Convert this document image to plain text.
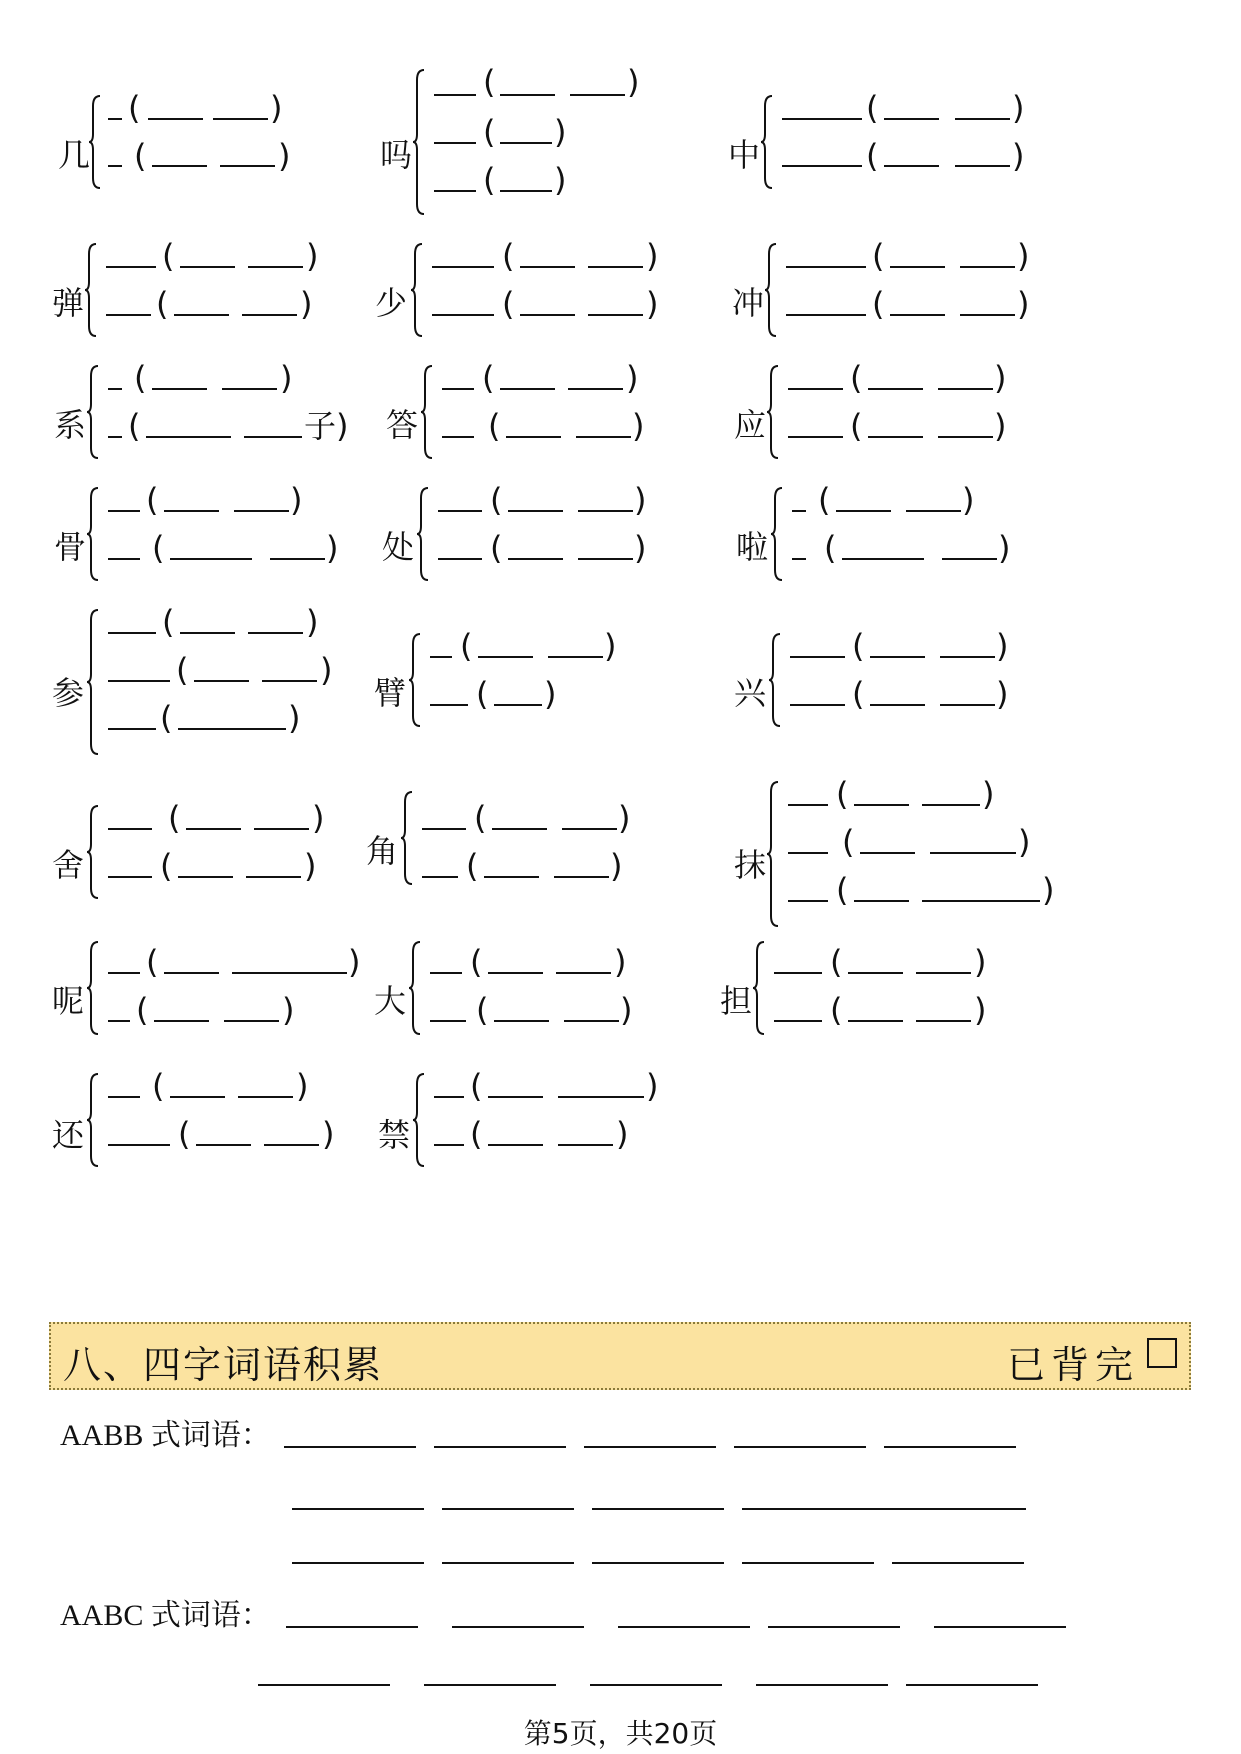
几
(	)
(	)	吗
(	)
( )
( )
中
(	)
(	)
弹
(	)
(	) 少
(	)
(	) 冲
(	)
(	)
系
(	)
(	子) 答
(	)
(	)	应
(	)
(	)
骨
(	)
(	) 处
(	)
(	)	啦
(	)
(	)
参
(	)
(	)
(	)
臂
(	)
( )	兴
(	)
(	)
舍
(	)
(	) 角
(	)
(	)	抹
(	)
(	)
(	)
呢
(	)
(	) 大
(	)
(	)	担
(	)
(	)
还
(	)
(	) 禁
(	)
(	)
八、四字词语积累	已背完
AABB 式词语：
AABC 式词语：
第5页，共20页
